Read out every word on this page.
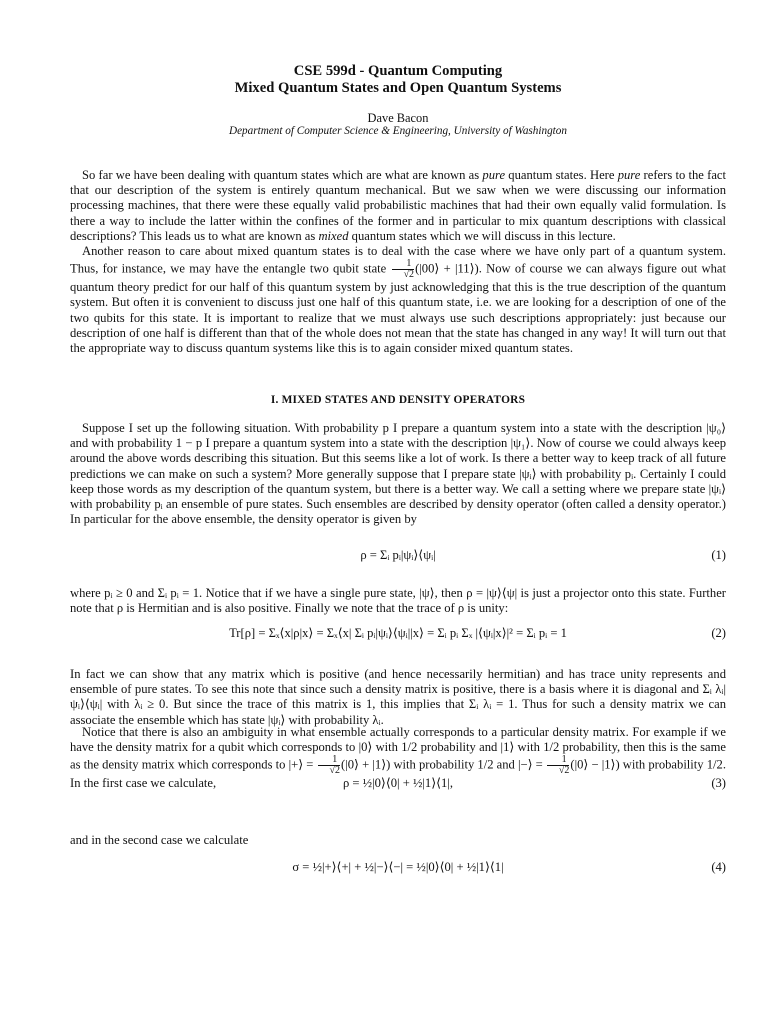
CSE 599d - Quantum Computing
Mixed Quantum States and Open Quantum Systems
Dave Bacon
Department of Computer Science & Engineering, University of Washington

So far we have been dealing with quantum states which are what are known as pure quantum states. Here pure refers to the fact that our description of the system is entirely quantum mechanical. But we saw when we were discussing our information processing machines, that there were these equally valid probabilistic machines that had their own equally valid formulation. Is there a way to include the latter within the confines of the former and in particular to mix quantum descriptions with classical descriptions? This leads us to what are known as mixed quantum states which we will discuss in this lecture.

Another reason to care about mixed quantum states is to deal with the case where we have only part of a quantum system. Thus, for instance, we may have the entangle two qubit state $\frac{1}{√2}$ (|00⟩ + |11⟩). Now of course we can always figure out what quantum theory predict for our half of this quantum system by just acknowledging that this is the true description of the quantum system. But often it is convenient to discuss just one half of this quantum state, i.e. we are looking for a description of one of the two qubits for this state. It is important to realize that we must always use such descriptions appropriately: just because our description of one half is different than that of the whole does not mean that the state has changed in any way! It will turn out that the appropriate way to discuss quantum systems like this is to again consider mixed quantum states.

I. MIXED STATES AND DENSITY OPERATORS

Suppose I set up the following situation. With probability p I prepare a quantum system into a state with the description |ψ₀⟩ and with probability 1 − p I prepare a quantum system into a state with the description |ψ₁⟩. Now of course we could always keep around the above words describing this situation. But this seems like a lot of work. Is there a better way to keep track of all future predictions we can make on such a system? More generally suppose that I prepare state |ψᵢ⟩ with probability pᵢ. Certainly I could keep those words as my description of the quantum system, but there is a better way. We call a setting where we prepare state |ψᵢ⟩ with probability pᵢ an ensemble of pure states. Such ensembles are described by density operator (often called a density operator.) In particular for the above ensemble, the density operator is given by

ρ = Σᵢ pᵢ|ψᵢ⟩⟨ψᵢ|	(1)

where pᵢ ≥ 0 and Σᵢ pᵢ = 1. Notice that if we have a single pure state, |ψ⟩, then ρ = |ψ⟩⟨ψ| is just a projector onto this state. Further note that ρ is Hermitian and is also positive. Finally we note that the trace of ρ is unity:

Tr[ρ] = Σₓ⟨x|ρ|x⟩ = Σₓ⟨x| Σᵢ pᵢ|ψᵢ⟩⟨ψᵢ||x⟩ = Σᵢ pᵢ Σₓ |⟨ψᵢ|x⟩|² = Σᵢ pᵢ = 1	(2)

In fact we can show that any matrix which is positive (and hence necessarily hermitian) and has trace unity represents and ensemble of pure states. To see this note that since such a density matrix is positive, there is a basis where it is diagonal and Σᵢ λᵢ|ψᵢ⟩⟨ψᵢ| with λᵢ ≥ 0. But since the trace of this matrix is 1, this implies that Σᵢ λᵢ = 1. Thus for such a density matrix we can associate the ensemble which has state |ψᵢ⟩ with probability λᵢ.

Notice that there is also an ambiguity in what ensemble actually corresponds to a particular density matrix. For example if we have the density matrix for a qubit which corresponds to |0⟩ with 1/2 probability and |1⟩ with 1/2 probability, then this is the same as the density matrix which corresponds to |+⟩ = $\frac{1}{√2}$ (|0⟩ + |1⟩) with probability 1/2 and |−⟩ = $\frac{1}{√2}$ (|0⟩ − |1⟩) with probability 1/2. In the first case we calculate,	ρ = ½|0⟩⟨0| + ½|1⟩⟨1|,	(3)

and in the second case we calculate

σ = ½|+⟩⟨+| + ½|−⟩⟨−| = ½|0⟩⟨0| + ½|1⟩⟨1|	(4)
